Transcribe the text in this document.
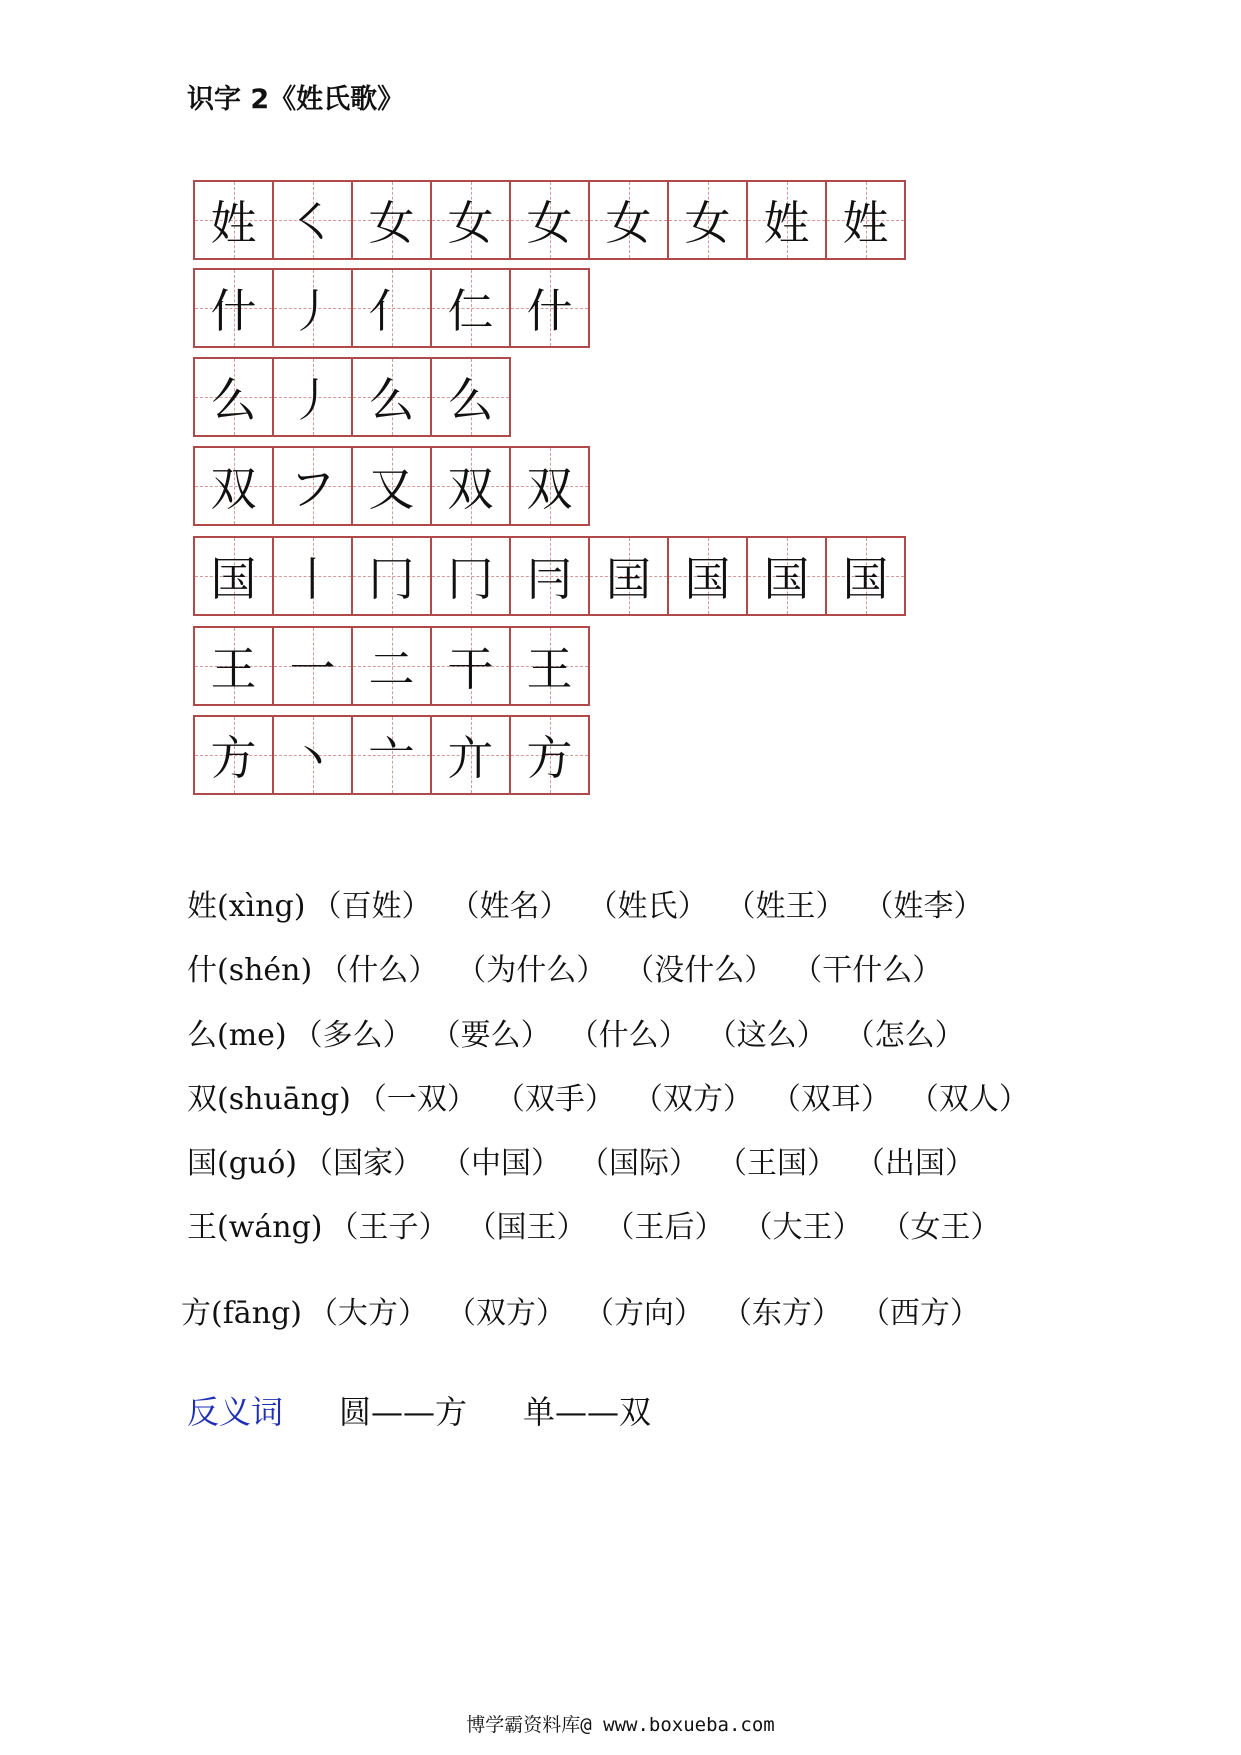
识字 2《姓氏歌》
姓 ㇛ 女 女 女 女 女 姓 姓
什 丿 亻 仁 什
么 丿 么 么
双 フ 又 双 双
国 丨 冂 冂 冃 囯 国 国 国
王 一 二 干 王
方 丶 亠 亣 方
姓 (xìng) （百姓） （姓名） （姓氏） （姓王） （姓李）
什 (shén) （什么） （为什么） （没什么） （干什么）
么 (me) （多么） （要么） （什么） （这么） （怎么）
双 (shuāng) （一双） （双手） （双方） （双耳） （双人）
国 (guó) （国家） （中国） （国际） （王国） （出国）
王 (wáng) （王子） （国王） （王后） （大王） （女王）
方 (fāng) （大方） （双方） （方向） （东方） （西方）
反义词 圆——方 单——双
博学霸资料库@ www.boxueba.com
